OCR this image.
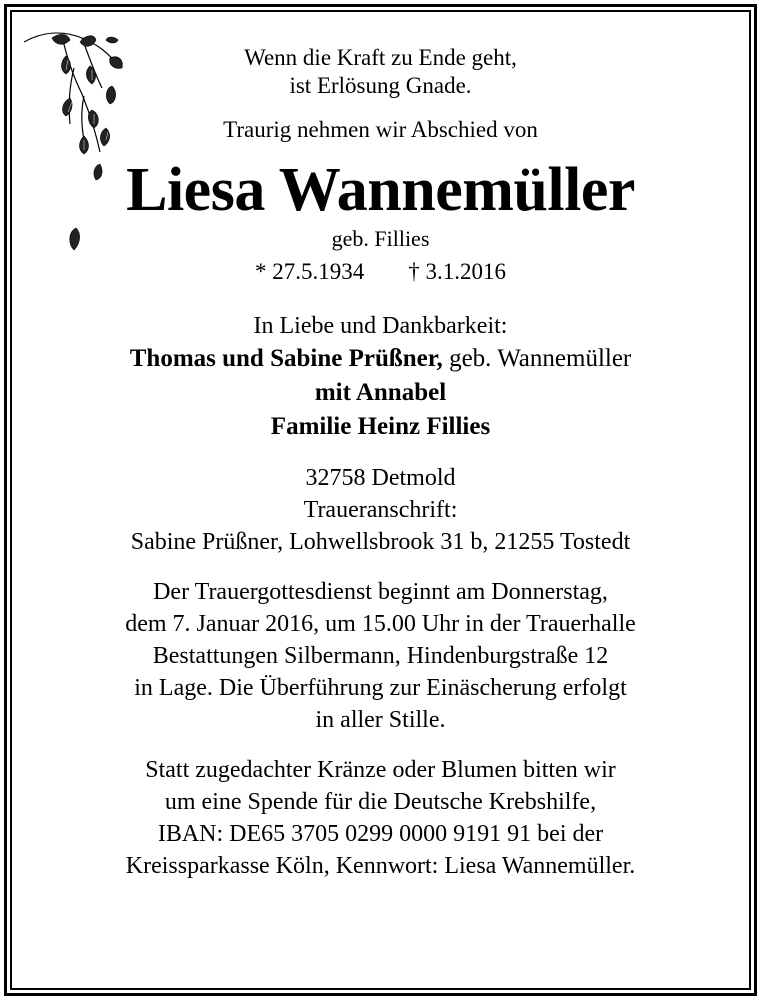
Wenn die Kraft zu Ende geht,
ist Erlösung Gnade.
Traurig nehmen wir Abschied von
Liesa Wannemüller
geb. Fillies
* 27.5.1934 † 3.1.2016
In Liebe und Dankbarkeit:
Thomas und Sabine Prüßner, geb. Wannemüller
mit Annabel
Familie Heinz Fillies
32758 Detmold
Traueranschrift:
Sabine Prüßner, Lohwellsbrook 31 b, 21255 Tostedt
Der Trauergottesdienst beginnt am Donnerstag,
dem 7. Januar 2016, um 15.00 Uhr in der Trauerhalle
Bestattungen Silbermann, Hindenburgstraße 12
in Lage. Die Überführung zur Einäscherung erfolgt
in aller Stille.
Statt zugedachter Kränze oder Blumen bitten wir
um eine Spende für die Deutsche Krebshilfe,
IBAN: DE65 3705 0299 0000 9191 91 bei der
Kreissparkasse Köln, Kennwort: Liesa Wannemüller.
